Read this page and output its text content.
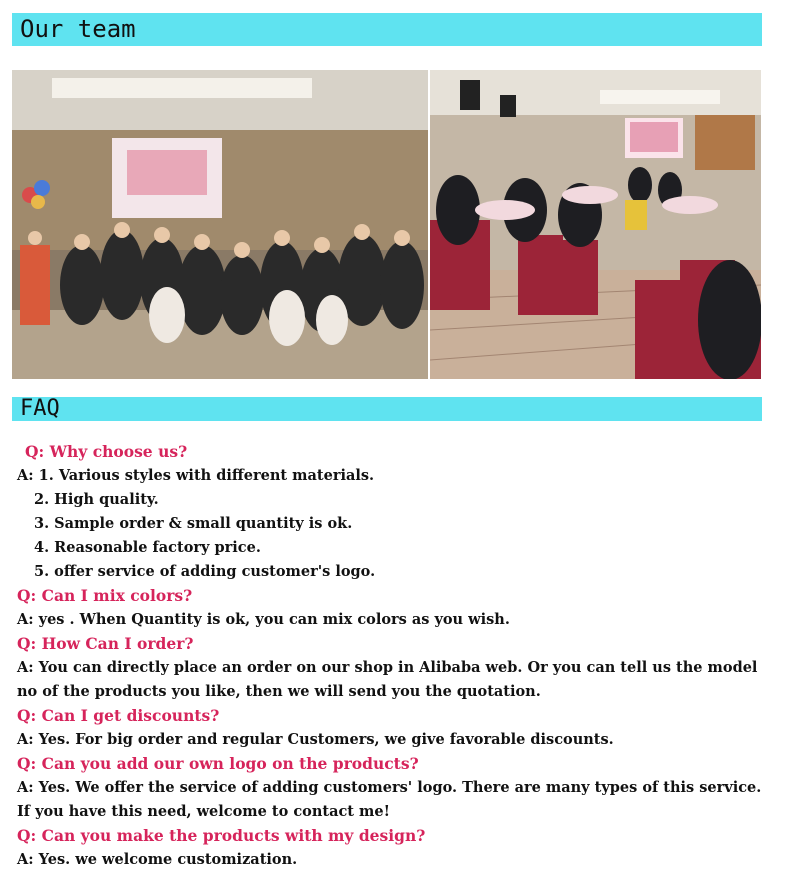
Our team
FAQ

Q: Why choose us?

A: 1. Various styles with different materials.

2. High quality.

3. Sample order & small quantity is ok.

4. Reasonable factory price.

5. offer service of adding customer's logo.

Q: Can I mix colors?

A: yes . When Quantity is ok, you can mix colors as you wish.

Q: How Can I order?

A: You can directly place an order on our shop in Alibaba web. Or you can tell us the model no of the products you like, then we will send you the quotation.

Q: Can I get discounts?

A: Yes. For big order and regular Customers, we give favorable discounts.

Q: Can you add our own logo on the products?

A: Yes. We offer the service of adding customers' logo. There are many types of this service. If you have this need, welcome to contact me!

Q: Can you make the products with my design?

A: Yes. we welcome customization.
